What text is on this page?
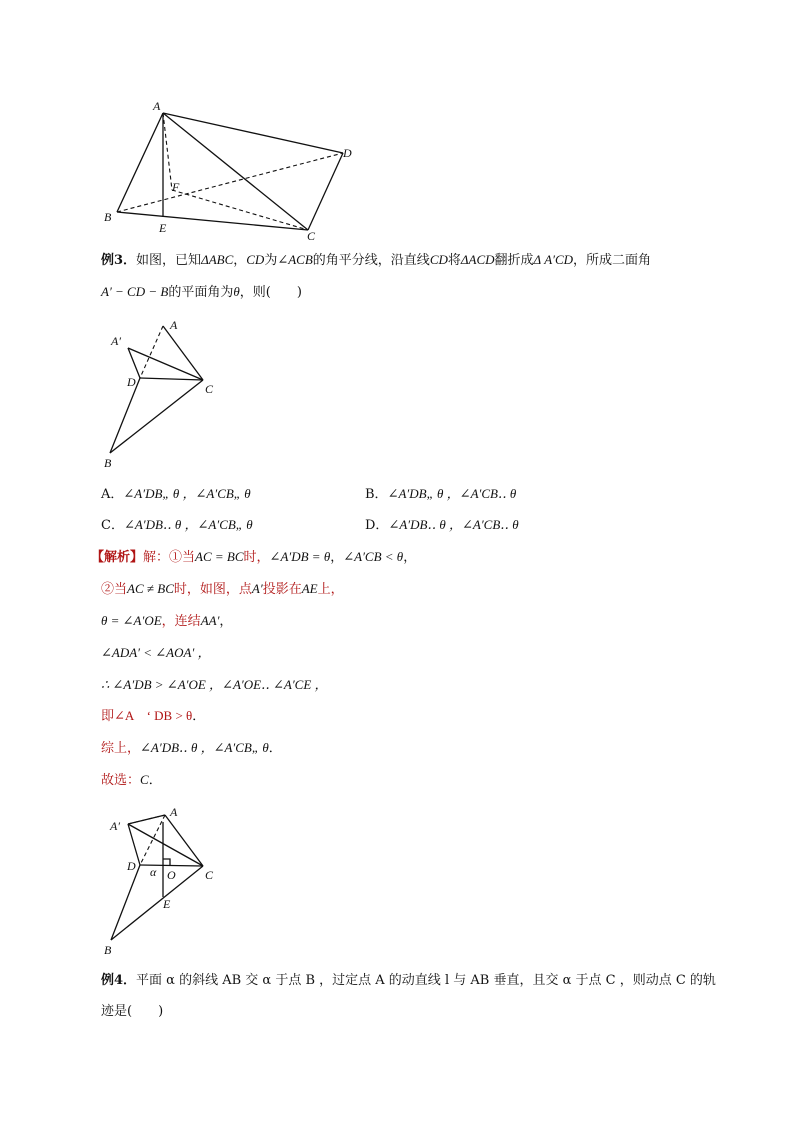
A
D
F
B
E
C
例3．如图，已知ΔABC，CD为∠ACB的角平分线，沿直线CD将ΔACD翻折成Δ A′CD，所成二面角
A′ − CD − B的平面角为θ，则(　　)
A′
A
D	C
B
A．∠A′DB„ θ ，∠A′CB„ θ	B．∠A′DB„ θ ，∠A′CB‥ θ
C．∠A′DB‥ θ ，∠A′CB„ θ	D．∠A′DB‥ θ ，∠A′CB‥ θ
【解析】解：①当AC = BC时，∠A′DB = θ，∠A′CB < θ，
②当AC ≠ BC时，如图，点A′投影在AE上，
θ = ∠A′OE，连结AA′，
∠ADA′ < ∠AOA′ ，
∴ ∠A′DB > ∠A′OE ，∠A′OE‥ ∠A′CE ，
即∠A　‘ DB > θ．
综上，∠A′DB‥ θ ，∠A′CB„ θ．
故选：C．
A′
A
D α O C
E
B
例4．平面 α 的斜线 AB 交 α 于点 B ，过定点 A 的动直线 l 与 AB 垂直，且交 α 于点 C ，则动点 C 的轨
迹是(　　)
